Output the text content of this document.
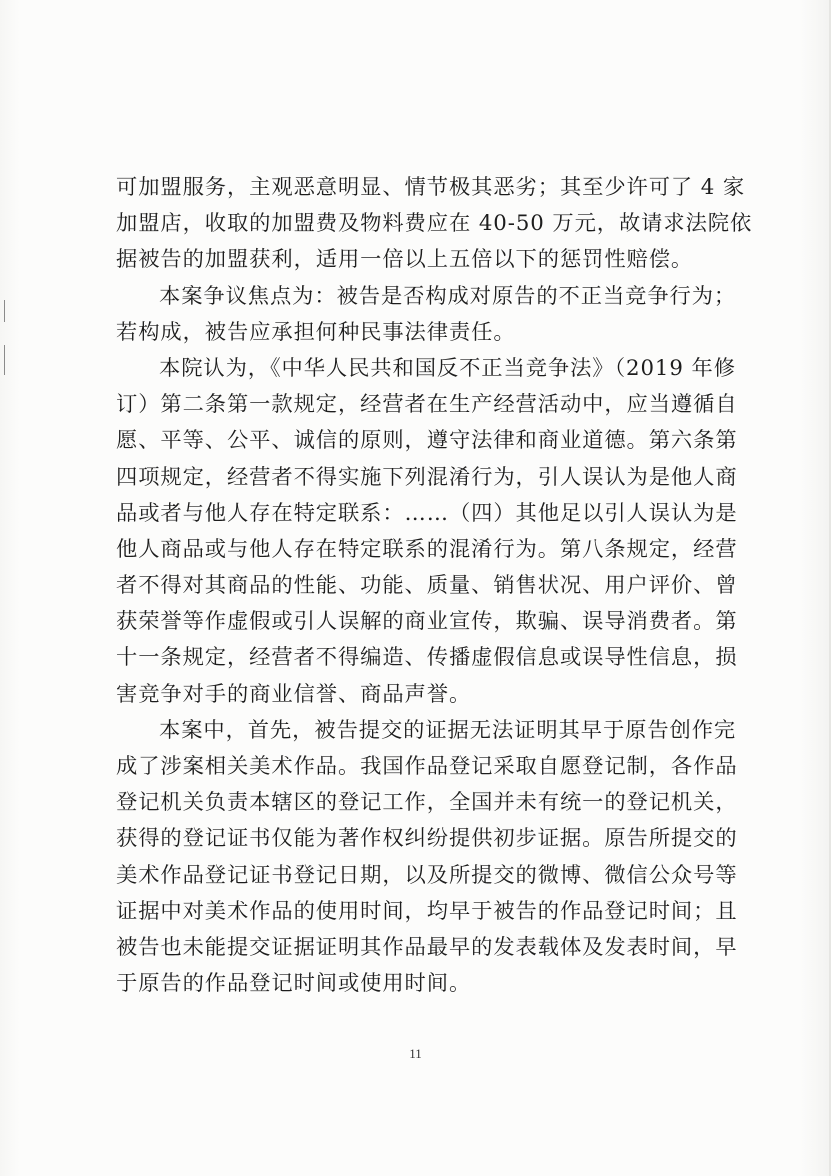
可加盟服务，主观恶意明显、情节极其恶劣；其至少许可了 4 家
加盟店，收取的加盟费及物料费应在 40-50 万元，故请求法院依
据被告的加盟获利，适用一倍以上五倍以下的惩罚性赔偿。
本案争议焦点为：被告是否构成对原告的不正当竞争行为；
若构成，被告应承担何种民事法律责任。
本院认为，《中华人民共和国反不正当竞争法》（2019 年修
订）第二条第一款规定，经营者在生产经营活动中，应当遵循自
愿、平等、公平、诚信的原则，遵守法律和商业道德。第六条第
四项规定，经营者不得实施下列混淆行为，引人误认为是他人商
品或者与他人存在特定联系：……（四）其他足以引人误认为是
他人商品或与他人存在特定联系的混淆行为。第八条规定，经营
者不得对其商品的性能、功能、质量、销售状况、用户评价、曾
获荣誉等作虚假或引人误解的商业宣传，欺骗、误导消费者。第
十一条规定，经营者不得编造、传播虚假信息或误导性信息，损
害竞争对手的商业信誉、商品声誉。
本案中，首先，被告提交的证据无法证明其早于原告创作完
成了涉案相关美术作品。我国作品登记采取自愿登记制，各作品
登记机关负责本辖区的登记工作，全国并未有统一的登记机关，
获得的登记证书仅能为著作权纠纷提供初步证据。原告所提交的
美术作品登记证书登记日期，以及所提交的微博、微信公众号等
证据中对美术作品的使用时间，均早于被告的作品登记时间；且
被告也未能提交证据证明其作品最早的发表载体及发表时间，早
于原告的作品登记时间或使用时间。
11
